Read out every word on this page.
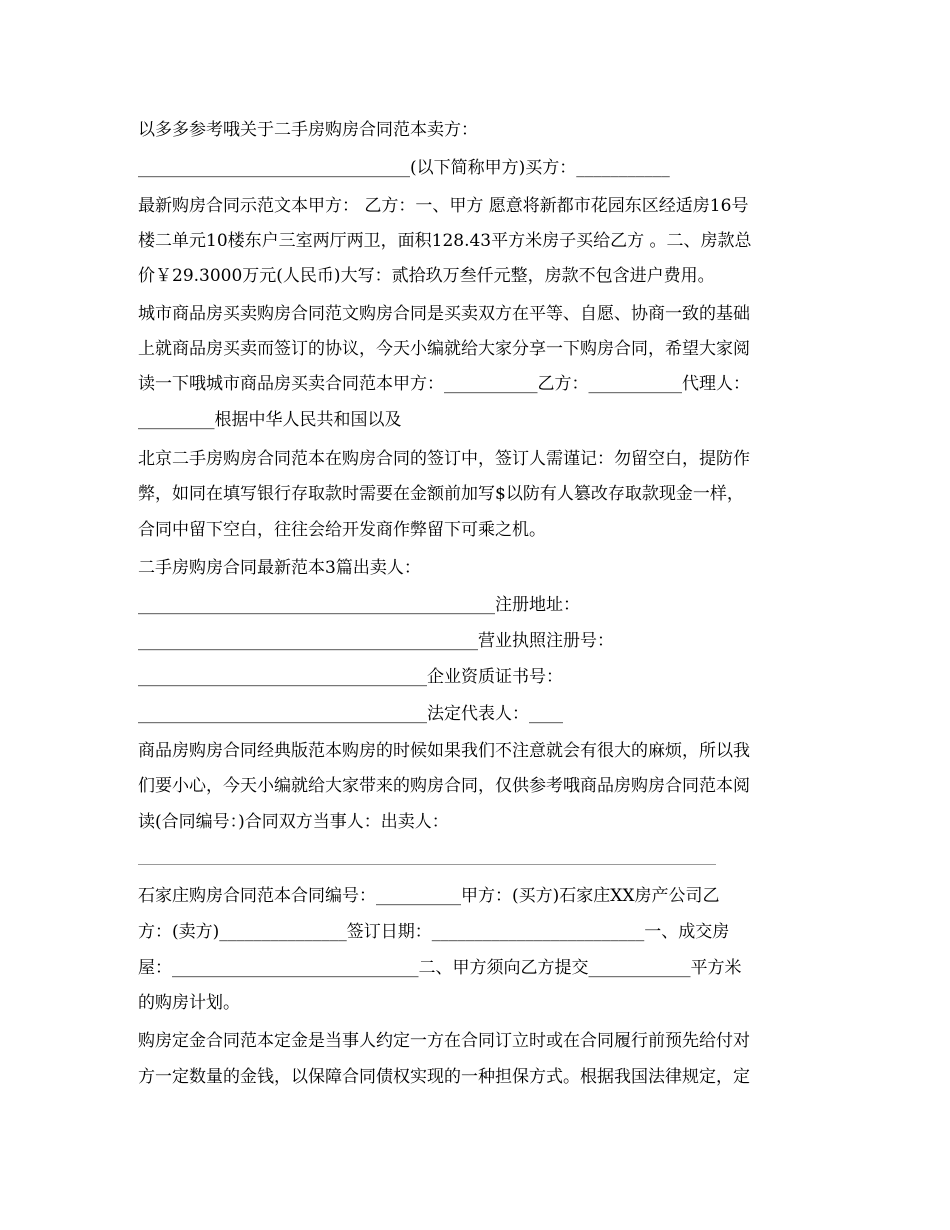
以多多参考哦关于二手房购房合同范本卖方：
________________________________(以下简称甲方)买方：___________
最新购房合同示范文本甲方： 乙方：一、甲方 愿意将新都市花园东区经适房16号
楼二单元10楼东户三室两厅两卫，面积128.43平方米房子买给乙方 。二、房款总
价￥29.3000万元(人民币)大写：贰拾玖万叁仟元整，房款不包含进户费用。
城市商品房买卖购房合同范文购房合同是买卖双方在平等、自愿、协商一致的基础
上就商品房买卖而签订的协议，今天小编就给大家分享一下购房合同，希望大家阅
读一下哦城市商品房买卖合同范本甲方：___________乙方：___________代理人：
_________根据中华人民共和国以及
北京二手房购房合同范本在购房合同的签订中，签订人需谨记：勿留空白，提防作
弊，如同在填写银行存取款时需要在金额前加写$以防有人篡改存取款现金一样，
合同中留下空白，往往会给开发商作弊留下可乘之机。
二手房购房合同最新范本3篇出卖人：
__________________________________________注册地址：
________________________________________营业执照注册号：
__________________________________企业资质证书号：
__________________________________法定代表人：____
商品房购房合同经典版范本购房的时候如果我们不注意就会有很大的麻烦，所以我
们要小心，今天小编就给大家带来的购房合同，仅供参考哦商品房购房合同范本阅
读(合同编号：)合同双方当事人：出卖人：
石家庄购房合同范本合同编号：__________甲方：(买方)石家庄XX房产公司乙
方：(卖方)_______________签订日期：_________________________一、成交房
屋：_____________________________二、甲方须向乙方提交____________平方米
的购房计划。
购房定金合同范本定金是当事人约定一方在合同订立时或在合同履行前预先给付对
方一定数量的金钱，以保障合同债权实现的一种担保方式。根据我国法律规定，定
